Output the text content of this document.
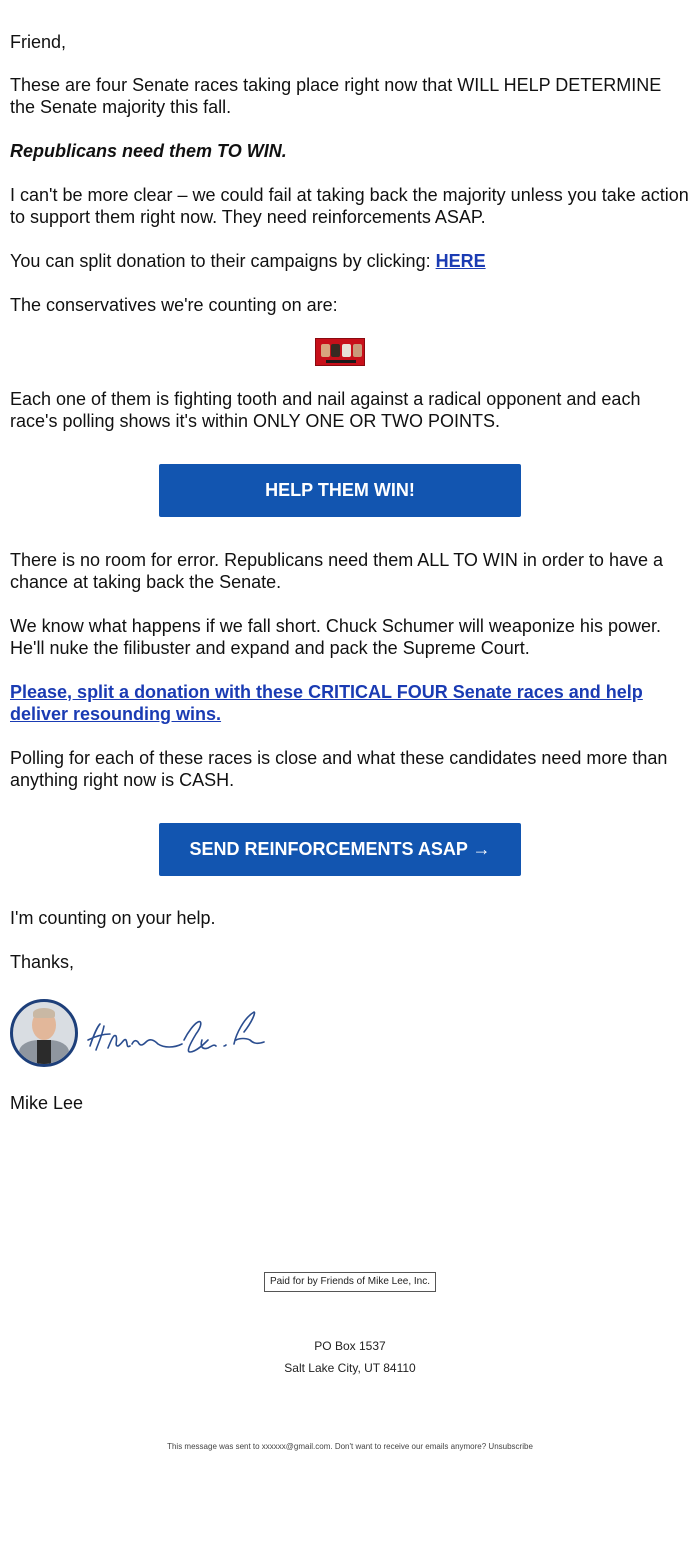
Friend,

These are four Senate races taking place right now that WILL HELP DETERMINE the Senate majority this fall.

Republicans need them TO WIN.

I can't be more clear – we could fail at taking back the majority unless you take action to support them right now. They need reinforcements ASAP.

You can split donation to their campaigns by clicking: HERE

The conservatives we're counting on are:

Each one of them is fighting tooth and nail against a radical opponent and each race's polling shows it's within ONLY ONE OR TWO POINTS.

HELP THEM WIN!

There is no room for error. Republicans need them ALL TO WIN in order to have a chance at taking back the Senate.

We know what happens if we fall short. Chuck Schumer will weaponize his power. He'll nuke the filibuster and expand and pack the Supreme Court.

Please, split a donation with these CRITICAL FOUR Senate races and help deliver resounding wins.

Polling for each of these races is close and what these candidates need more than anything right now is CASH.

SEND REINFORCEMENTS ASAP →

I'm counting on your help.

Thanks,

Mike Lee

Paid for by Friends of Mike Lee, Inc.
PO Box 1537
Salt Lake City, UT 84110
This message was sent to xxxxxx@gmail.com. Don't want to receive our emails anymore? Unsubscribe
